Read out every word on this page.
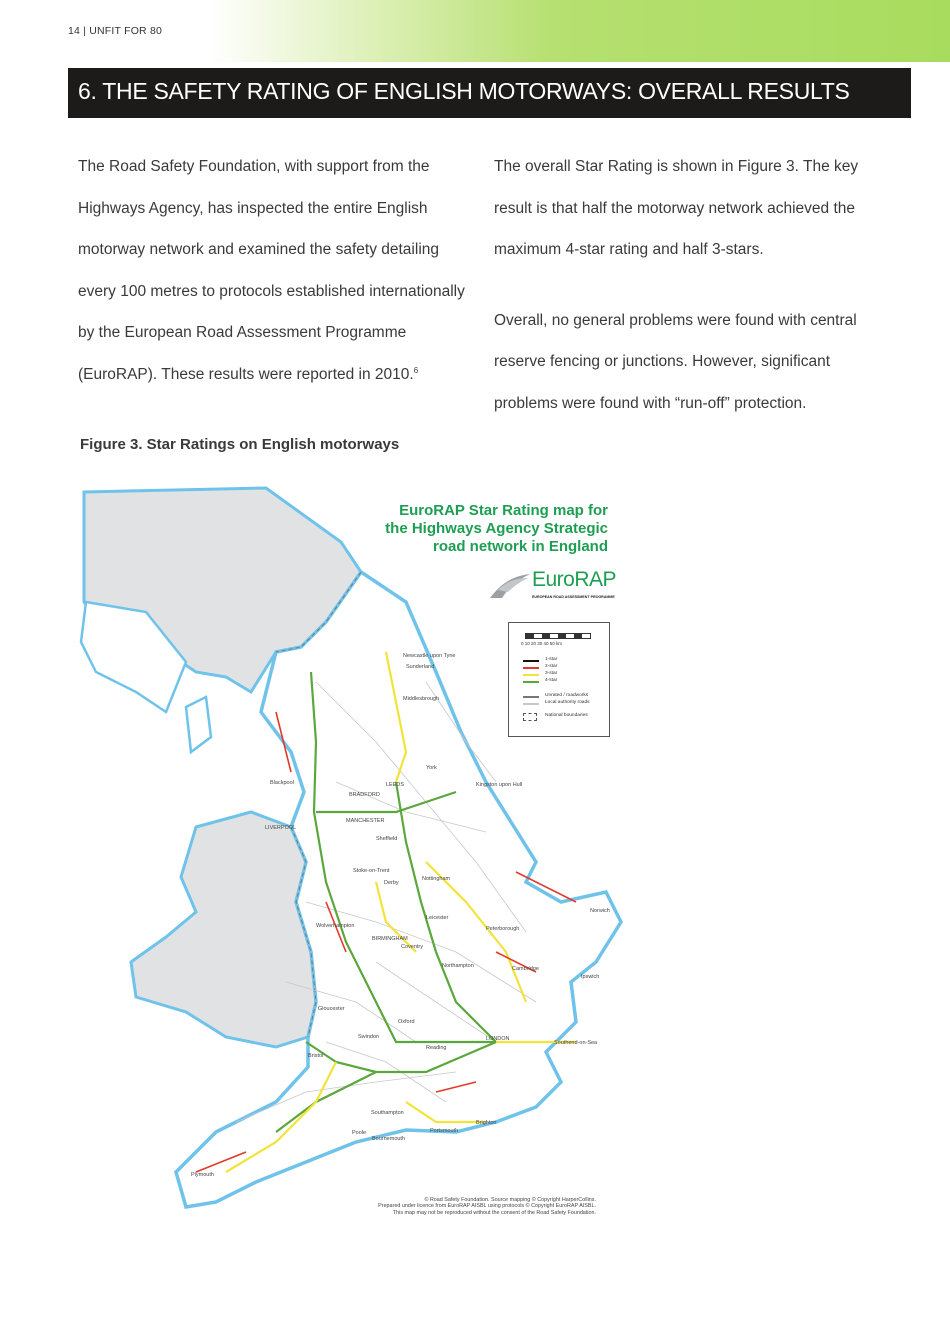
14 | UNFIT FOR 80
6. THE SAFETY RATING OF ENGLISH MOTORWAYS: OVERALL RESULTS

The Road Safety Foundation, with support from the Highways Agency, has inspected the entire English motorway network and examined the safety detailing every 100 metres to protocols established internationally by the European Road Assessment Programme (EuroRAP). These results were reported in 2010.$^6$

The overall Star Rating is shown in Figure 3. The key result is that half the motorway network achieved the maximum 4-star rating and half 3-stars.

Overall, no general problems were found with central reserve fencing or junctions. However, significant problems were found with “run-off” protection.

Figure 3. Star Ratings on English motorways
Newcastle upon Tyne
Sunderland
Middlesbrough
York
Blackpool	LEEDS
BRADFORD
Kingston upon Hull
LIVERPOOL
MANCHESTER
Sheffield
Stoke-on-Trent
Derby
Nottingham
Norwich
Leicester
Wolverhampton
BIRMINGHAM
Coventry
Peterborough
Northampton	Cambridge
Ipswich
Gloucester
Oxford
Swindon
Bristol
Reading
LONDON
Southend-on-Sea
Southampton
Poole
Bournemouth
Portsmouth
Brighton
Plymouth
EuroRAP Star Rating map for
the Highways Agency Strategic
road network in England
EuroRAP
EUROPEAN ROAD ASSESSMENT PROGRAMME
0 10 20 30 40 50 km
1-star
2-star
3-star
4-star
Unrated / roadworks
Local authority roads
National boundaries
© Road Safety Foundation. Source mapping © Copyright HarperCollins.
Prepared under licence from EuroRAP AISBL using protocols © Copyright EuroRAP AISBL.
This map may not be reproduced without the consent of the Road Safety Foundation.
